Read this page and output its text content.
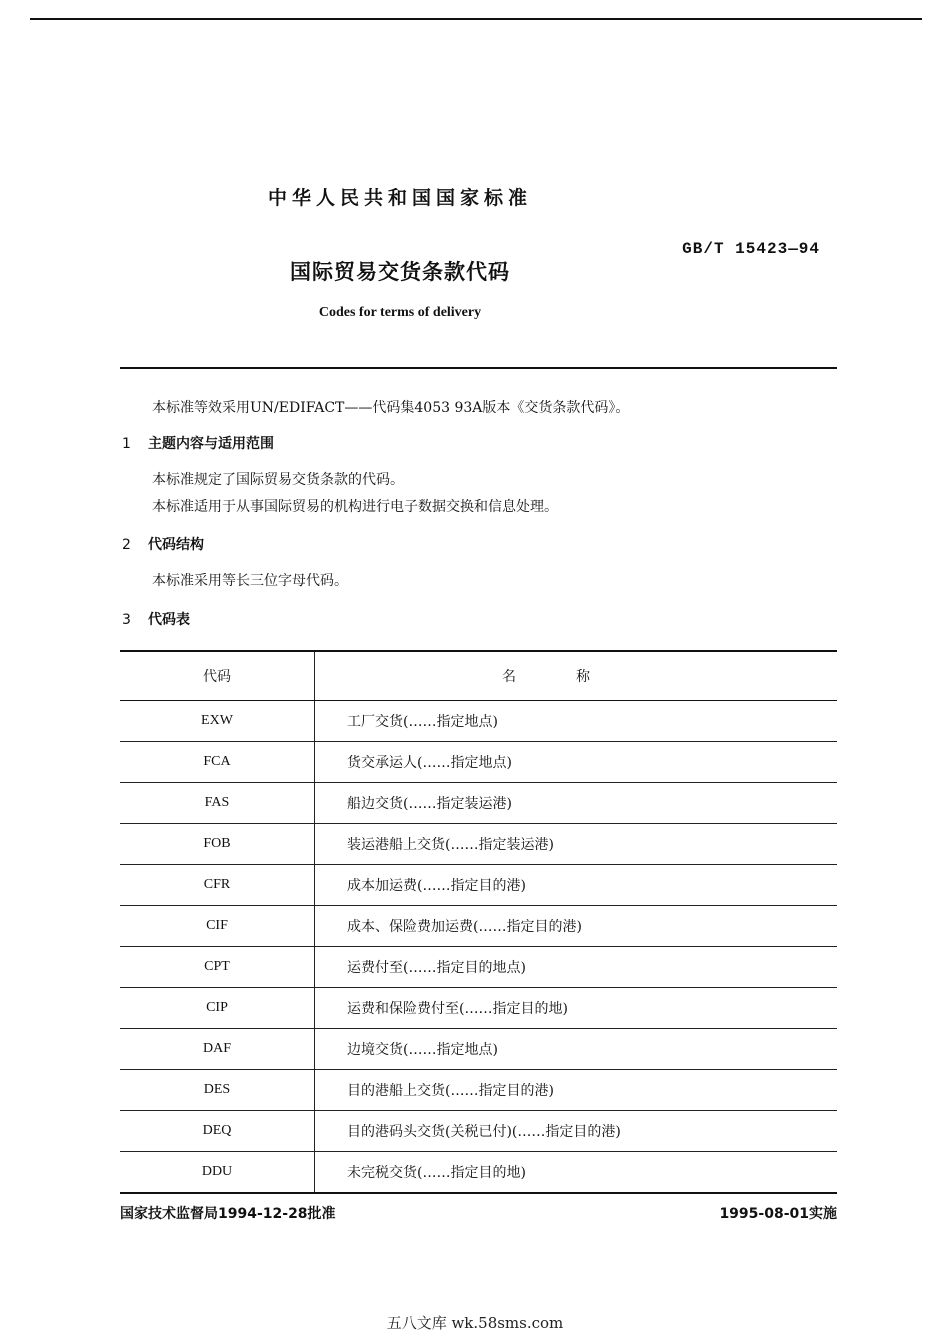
中华人民共和国国家标准
GB/T 15423—94
国际贸易交货条款代码
Codes for terms of delivery
本标准等效采用UN/EDIFACT——代码集4053 93A版本《交货条款代码》。
1 主题内容与适用范围
本标准规定了国际贸易交货条款的代码。
本标准适用于从事国际贸易的机构进行电子数据交换和信息处理。
2 代码结构
本标准采用等长三位字母代码。
3 代码表
代码	名称
EXW	工厂交货(……指定地点)
FCA	货交承运人(……指定地点)
FAS	船边交货(……指定装运港)
FOB	装运港船上交货(……指定装运港)
CFR	成本加运费(……指定目的港)
CIF	成本、保险费加运费(……指定目的港)
CPT	运费付至(……指定目的地点)
CIP	运费和保险费付至(……指定目的地)
DAF	边境交货(……指定地点)
DES	目的港船上交货(……指定目的港)
DEQ	目的港码头交货(关税已付)(……指定目的港)
DDU	未完税交货(……指定目的地)
国家技术监督局1994-12-28批准	1995-08-01实施
五八文库 wk.58sms.com
